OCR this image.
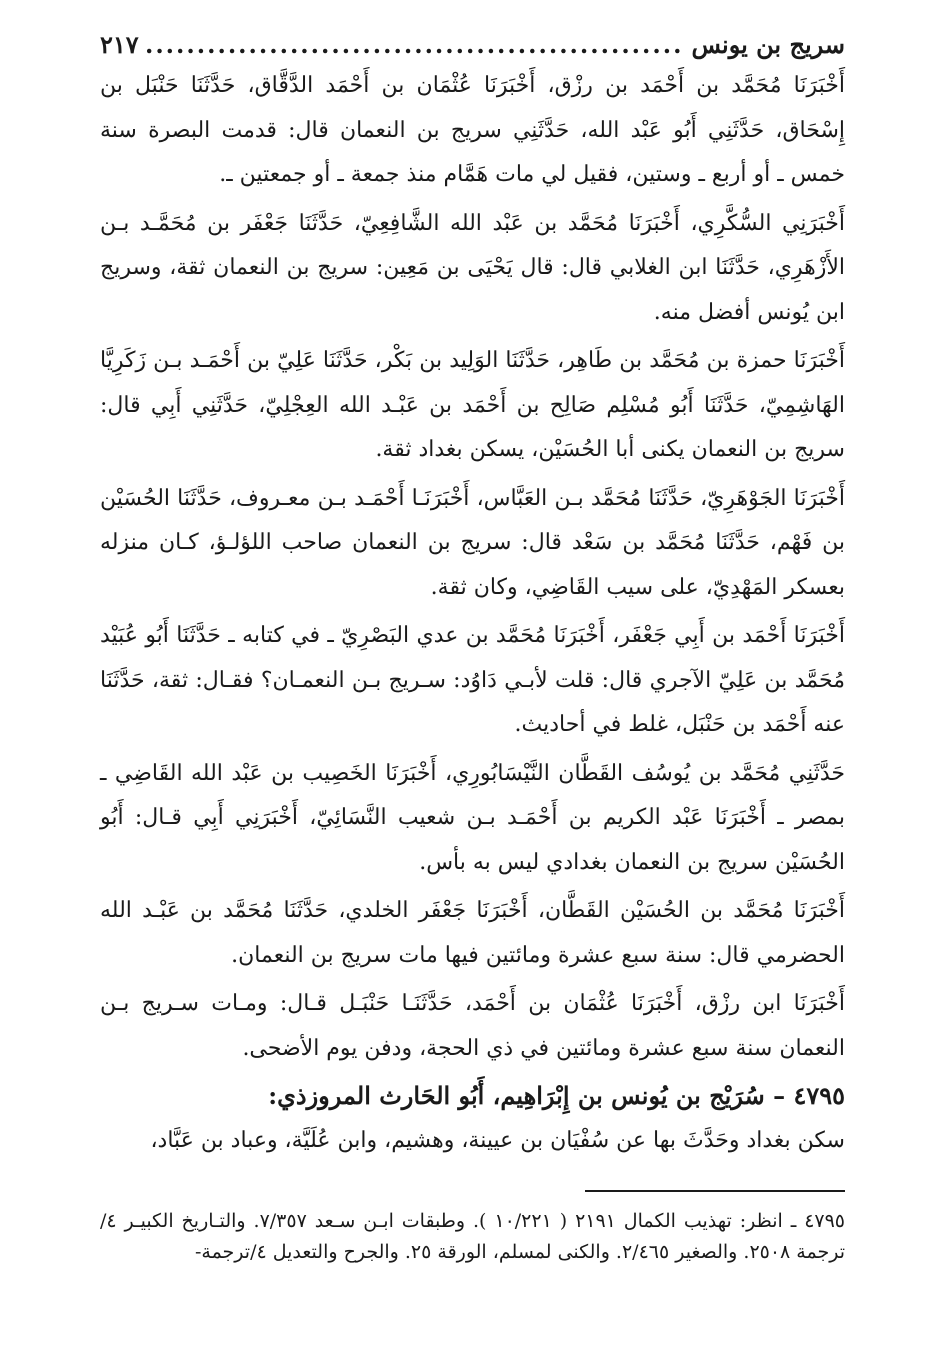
سريج بن يونس
.....
٢١٧

أَخْبَرَنَا مُحَمَّد بن أَحْمَد بن رزْق، أَخْبَرَنَا عُثْمَان بن أَحْمَد الدَّقَّاق، حَدَّثَنَا حَنْبَل بن إِسْحَاق، حَدَّثَنِي أَبُو عَبْد الله، حَدَّثَنِي سريج بن النعمان قال: قدمت البصرة سنة خمس ـ أو أربع ـ وستين، فقيل لي مات هَمَّام منذ جمعة ـ أو جمعتين ـ.

أَخْبَرَنِي السُّكَّرِي، أَخْبَرَنَا مُحَمَّد بن عَبْد الله الشَّافِعِيّ، حَدَّثَنَا جَعْفَر بن مُحَمَّـد بـن الأَزْهَرِي، حَدَّثَنَا ابن الغلابي قال: قال يَحْيَى بن مَعِين: سريج بن النعمان ثقة، وسريج ابن يُونس أفضل منه.

أَخْبَرَنَا حمزة بن مُحَمَّد بن طَاهِر، حَدَّثَنَا الوَلِيد بن بَكْر، حَدَّثَنَا عَلِيّ بن أَحْمَـد بـن زَكَرِيَّا الهَاشِمِيّ، حَدَّثَنَا أَبُو مُسْلِم صَالِح بن أَحْمَد بن عَبْـد الله العِجْلِيّ، حَدَّثَنِي أَبِي قال: سريج بن النعمان يكنى أبا الحُسَيْن، يسكن بغداد ثقة.

أَخْبَرَنَا الجَوْهَرِيّ، حَدَّثَنَا مُحَمَّد بـن العَبَّاس، أَخْبَرَنَـا أَحْمَـد بـن معـروف، حَدَّثَنَا الحُسَيْن بن فَهْم، حَدَّثَنَا مُحَمَّد بن سَعْد قال: سريج بن النعمان صاحب اللؤلـؤ، كـان منزله بعسكر المَهْدِيّ، على سيب القَاضِي، وكان ثقة.

أَخْبَرَنَا أَحْمَد بن أَبِي جَعْفَر، أَخْبَرَنَا مُحَمَّد بن عدي البَصْرِيّ ـ في كتابه ـ حَدَّثَنَا أَبُو عُبَيْد مُحَمَّد بن عَلِيّ الآجري قال: قلت لأبـي دَاوُد: سـريج بـن النعمـان؟ فقـال: ثقة، حَدَّثَنَا عنه أَحْمَد بن حَنْبَل، غلط في أحاديث.

حَدَّثَنِي مُحَمَّد بن يُوسُف القَطَّان النَّيْسَابُورِي، أَخْبَرَنَا الخَصِيب بن عَبْد الله القَاضِي ـ بمصر ـ أَخْبَرَنَا عَبْد الكريم بن أَحْمَـد بـن شعيب النَّسَائِيّ، أَخْبَرَنِي أَبِي قـال: أَبُو الحُسَيْن سريج بن النعمان بغدادي ليس به بأس.

أَخْبَرَنَا مُحَمَّد بن الحُسَيْن القَطَّان، أَخْبَرَنَا جَعْفَر الخلدي، حَدَّثَنَا مُحَمَّد بن عَبْـد الله الحضرمي قال: سنة سبع عشرة ومائتين فيها مات سريج بن النعمان.

أَخْبَرَنَا ابن رزْق، أَخْبَرَنَا عُثْمَان بن أَحْمَد، حَدَّثَنَـا حَنْبَـل قـال: ومـات سـريج بـن النعمان سنة سبع عشرة ومائتين في ذي الحجة، ودفن يوم الأضحى.

٤٧٩٥ – سُرَيْج بن يُونس بن إِبْرَاهِيم، أَبُو الحَارث المروزذي:

سكن بغداد وحَدَّثَ بها عن سُفْيَان بن عيينة، وهشيم، وابن عُلَيَّة، وعباد بن عَبَّاد،

٤٧٩٥ ـ انظر: تهذيب الكمال ٢١٩١ ( ١٠/٢٢١ ). وطبقات ابـن سـعد ٧/٣٥٧. والتـاريخ الكبيـر ٤/ ترجمة ٢٥٠٨. والصغير ٢/٤٦٥. والكنى لمسلم، الورقة ٢٥. والجرح والتعديل ٤/ترجمة-
